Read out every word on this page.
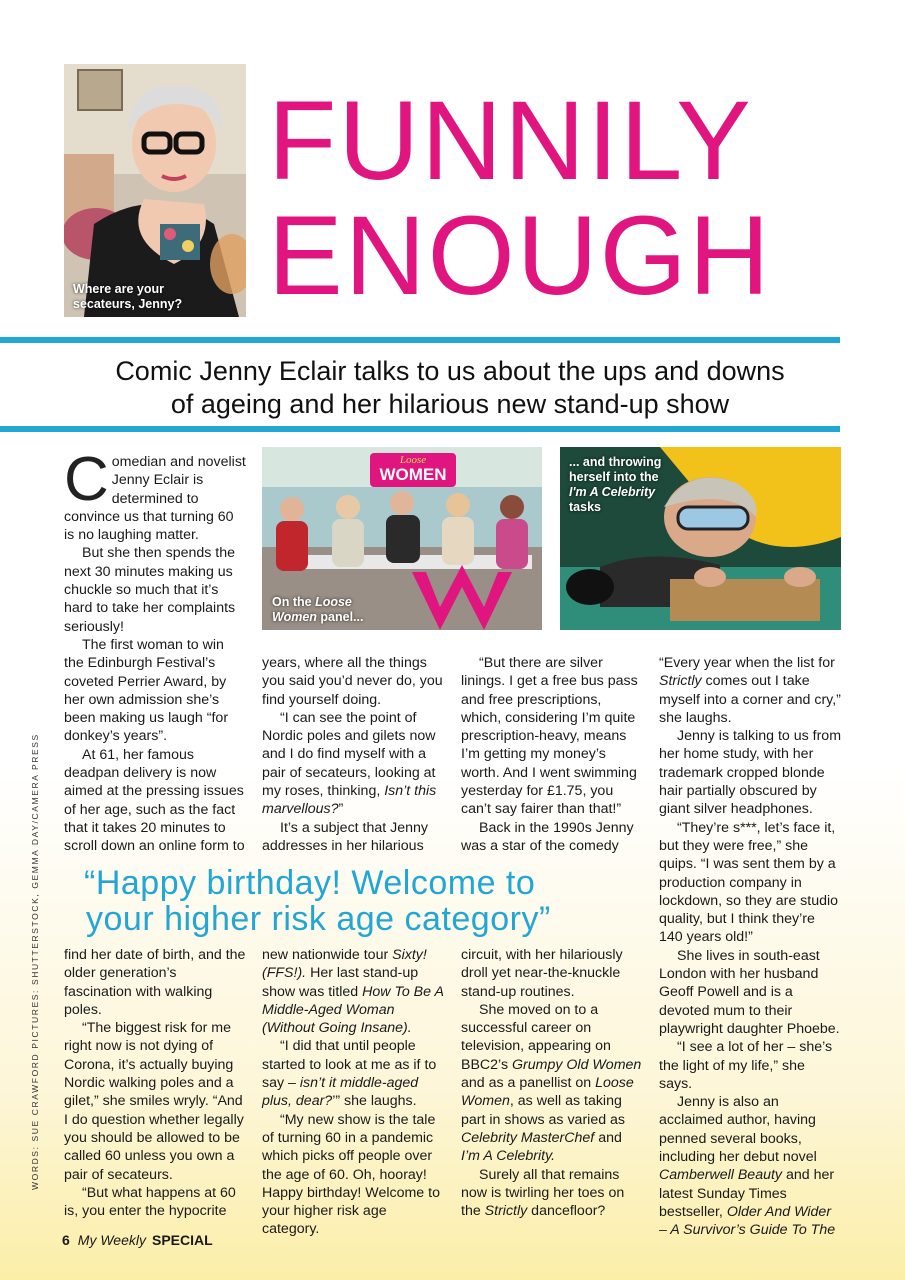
Where are your
secateurs, Jenny?
FUNNILY
ENOUGH
Comic Jenny Eclair talks to us about the ups and downs
of ageing and her hilarious new stand-up show
Loose
WOMEN
On the Loose
Women panel...
... and throwing
herself into the
I'm A Celebrity
tasks

Comedian and novelist Jenny Eclair is determined to convince us that turning 60 is no laughing matter.

But she then spends the next 30 minutes making us chuckle so much that it’s hard to take her complaints seriously!

The first woman to win the Edinburgh Festival’s coveted Perrier Award, by her own admission she’s been making us laugh “for donkey’s years”.

At 61, her famous deadpan delivery is now aimed at the pressing issues of her age, such as the fact that it takes 20 minutes to scroll down an online form to

years, where all the things you said you’d never do, you find yourself doing.

“I can see the point of Nordic poles and gilets now and I do find myself with a pair of secateurs, looking at my roses, thinking, Isn’t this marvellous?”

It’s a subject that Jenny addresses in her hilarious

“But there are silver linings. I get a free bus pass and free prescriptions, which, considering I’m quite prescription-heavy, means I’m getting my money’s worth. And I went swimming yesterday for £1.75, you can’t say fairer than that!”

Back in the 1990s Jenny was a star of the comedy

“Happy birthday! Welcome to
your higher risk age category”

find her date of birth, and the older generation’s fascination with walking poles.

“The biggest risk for me right now is not dying of Corona, it’s actually buying Nordic walking poles and a gilet,” she smiles wryly. “And I do question whether legally you should be allowed to be called 60 unless you own a pair of secateurs.

“But what happens at 60 is, you enter the hypocrite

new nationwide tour Sixty! (FFS!). Her last stand-up show was titled How To Be A Middle-Aged Woman (Without Going Insane).

“I did that until people started to look at me as if to say – isn’t it middle-aged plus, dear?’” she laughs.

“My new show is the tale of turning 60 in a pandemic which picks off people over the age of 60. Oh, hooray! Happy birthday! Welcome to your higher risk age category.

circuit, with her hilariously droll yet near-the-knuckle stand-up routines.

She moved on to a successful career on television, appearing on BBC2’s Grumpy Old Women and as a panellist on Loose Women, as well as taking part in shows as varied as Celebrity MasterChef and I’m A Celebrity.

Surely all that remains now is twirling her toes on the Strictly dancefloor?

“Every year when the list for Strictly comes out I take myself into a corner and cry,” she laughs.

Jenny is talking to us from her home study, with her trademark cropped blonde hair partially obscured by giant silver headphones.

“They’re s***, let’s face it, but they were free,” she quips. “I was sent them by a production company in lockdown, so they are studio quality, but I think they’re 140 years old!”

She lives in south-east London with her husband Geoff Powell and is a devoted mum to their playwright daughter Phoebe.

“I see a lot of her – she’s the light of my life,” she says.

Jenny is also an acclaimed author, having penned several books, including her debut novel Camberwell Beauty and her latest Sunday Times bestseller, Older And Wider – A Survivor’s Guide To The

WORDS: SUE CRAWFORD PICTURES: SHUTTERSTOCK, GEMMA DAY/CAMERA PRESS
6 My Weekly SPECIAL
